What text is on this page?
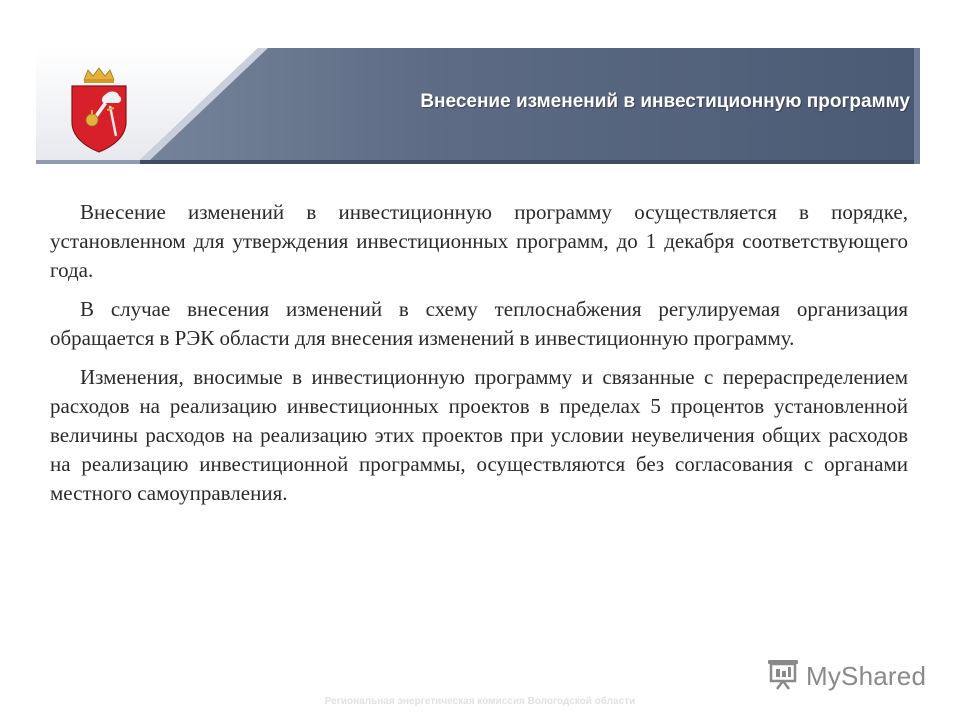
Внесение изменений в инвестиционную программу

Внесение изменений в инвестиционную программу осуществляется в порядке, установленном для утверждения инвестиционных программ, до 1 декабря соответствующего года.

В случае внесения изменений в схему теплоснабжения регулируемая организация обращается в РЭК области для внесения изменений в инвестиционную программу.

Изменения, вносимые в инвестиционную программу и связанные с перераспределением расходов на реализацию инвестиционных проектов в пределах 5 процентов установленной величины расходов на реализацию этих проектов при условии неувеличения общих расходов на реализацию инвестиционной программы, осуществляются без согласования с органами местного самоуправления.

Региональная энергетическая комиссия Вологодской области
MyShared
